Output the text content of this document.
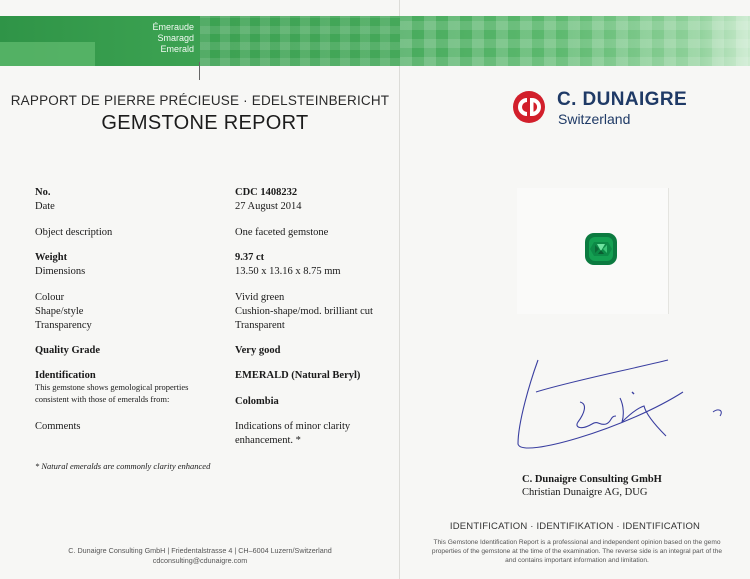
Émeraude
Smaragd
Emerald
RAPPORT DE PIERRE PRÉCIEUSE · EDELSTEINBERICHT
GEMSTONE REPORT
C. DUNAIGRE
Switzerland
No.	CDC 1408232
Date	27 August 2014
Object description	One faceted gemstone
Weight	9.37 ct
Dimensions	13.50 x 13.16 x 8.75 mm
Colour	Vivid green
Shape/style	Cushion-shape/mod. brilliant cut
Transparency	Transparent
Quality Grade	Very good
Identification	EMERALD (Natural Beryl)
This gemstone shows gemological properties
consistent with those of emeralds from:	Colombia
Comments	Indications of minor clarity
enhancement. *
* Natural emeralds are commonly clarity enhanced
C. Dunaigre Consulting GmbH
Christian Dunaigre AG, DUG
IDENTIFICATION · IDENTIFIKATION · IDENTIFICATION
This Gemstone Identification Report is a professional and independent opinion based on the gemo
properties of the gemstone at the time of the examination. The reverse side is an integral part of the
and contains important information and limitation.
C. Dunaigre Consulting GmbH | Friedentalstrasse 4 | CH–6004 Luzern/Switzerland
cdconsulting@cdunaigre.com
